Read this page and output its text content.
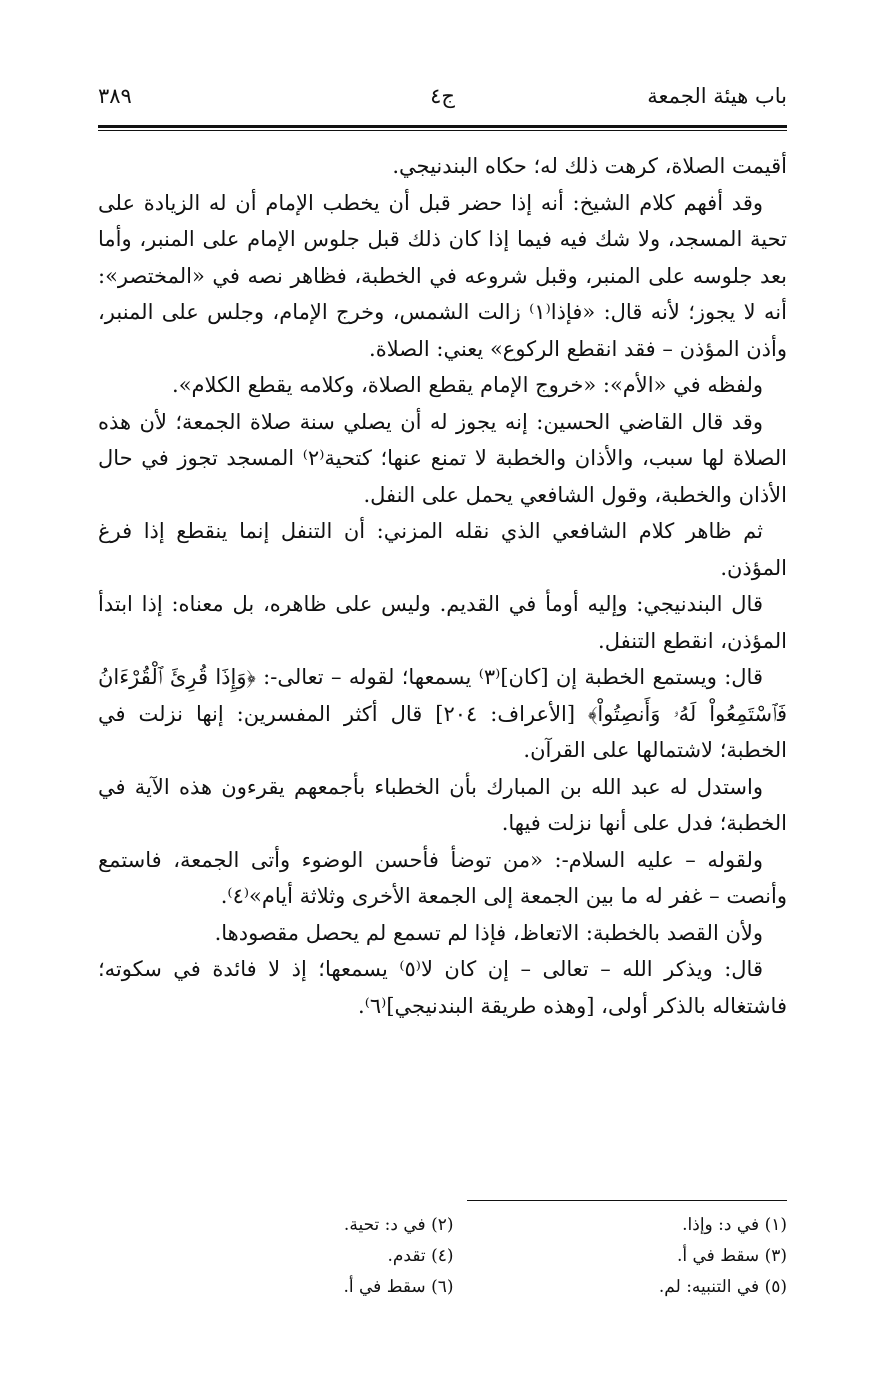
باب هيئة الجمعة
ج٤
٣٨٩

أقيمت الصلاة، كرهت ذلك له؛ حكاه البندنيجي.

وقد أفهم كلام الشيخ: أنه إذا حضر قبل أن يخطب الإمام أن له الزيادة على تحية المسجد، ولا شك فيه فيما إذا كان ذلك قبل جلوس الإمام على المنبر، وأما بعد جلوسه على المنبر، وقبل شروعه في الخطبة، فظاهر نصه في «المختصر»: أنه لا يجوز؛ لأنه قال: «فإذا⁽١⁾ زالت الشمس، وخرج الإمام، وجلس على المنبر، وأذن المؤذن – فقد انقطع الركوع» يعني: الصلاة.

ولفظه في «الأم»: «خروج الإمام يقطع الصلاة، وكلامه يقطع الكلام».

وقد قال القاضي الحسين: إنه يجوز له أن يصلي سنة صلاة الجمعة؛ لأن هذه الصلاة لها سبب، والأذان والخطبة لا تمنع عنها؛ كتحية⁽٢⁾ المسجد تجوز في حال الأذان والخطبة، وقول الشافعي يحمل على النفل.

ثم ظاهر كلام الشافعي الذي نقله المزني: أن التنفل إنما ينقطع إذا فرغ المؤذن.

قال البندنيجي: وإليه أومأ في القديم. وليس على ظاهره، بل معناه: إذا ابتدأ المؤذن، انقطع التنفل.

قال: ويستمع الخطبة إن [كان]⁽٣⁾ يسمعها؛ لقوله – تعالى-: ﴿وَإِذَا قُرِئَ ٱلْقُرْءَانُ فَٱسْتَمِعُواْ لَهُۥ وَأَنصِتُواْ﴾ [الأعراف: ٢٠٤] قال أكثر المفسرين: إنها نزلت في الخطبة؛ لاشتمالها على القرآن.

واستدل له عبد الله بن المبارك بأن الخطباء بأجمعهم يقرءون هذه الآية في الخطبة؛ فدل على أنها نزلت فيها.

ولقوله – عليه السلام-: «من توضأ فأحسن الوضوء وأتى الجمعة، فاستمع وأنصت – غفر له ما بين الجمعة إلى الجمعة الأخرى وثلاثة أيام»⁽٤⁾.

ولأن القصد بالخطبة: الاتعاظ، فإذا لم تسمع لم يحصل مقصودها.

قال: ويذكر الله – تعالى – إن كان لا⁽٥⁾ يسمعها؛ إذ لا فائدة في سكوته؛ فاشتغاله بالذكر أولى، [وهذه طريقة البندنيجي]⁽٦⁾.

(١) في د: وإذا.
(٢) في د: تحية.
(٣) سقط في أ.
(٤) تقدم.
(٥) في التنبيه: لم.
(٦) سقط في أ.
